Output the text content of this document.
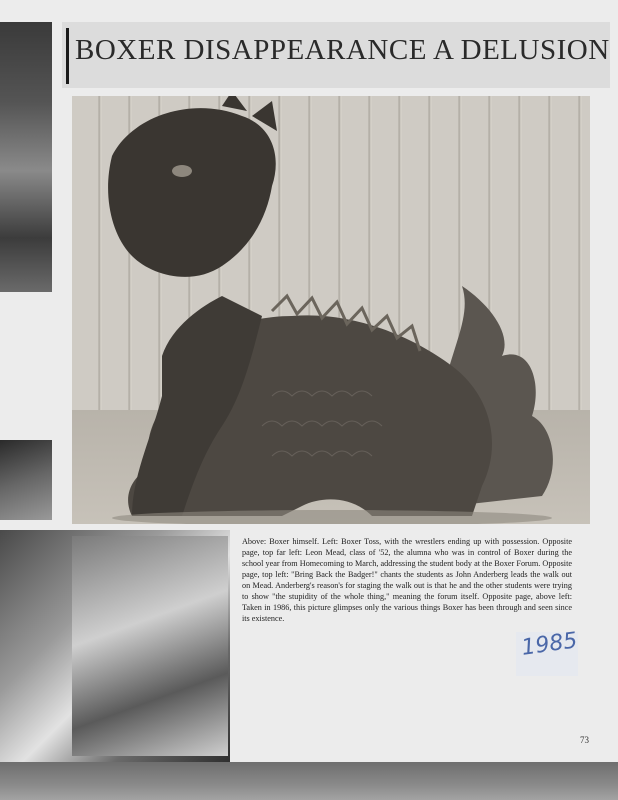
BOXER DISAPPEARANCE A DELUSION

Above: Boxer himself. Left: Boxer Toss, with the wrestlers ending up with possession. Opposite page, top far left: Leon Mead, class of '52, the alumna who was in control of Boxer during the school year from Homecoming to March, addressing the student body at the Boxer Forum. Opposite page, top left: "Bring Back the Badger!" chants the students as John Anderberg leads the walk out on Mead. Anderberg's reason's for staging the walk out is that he and the other students were trying to show "the stupidity of the whole thing," meaning the forum itself. Opposite page, above left: Taken in 1986, this picture glimpses only the various things Boxer has been through and seen since its existence.

1985
73
